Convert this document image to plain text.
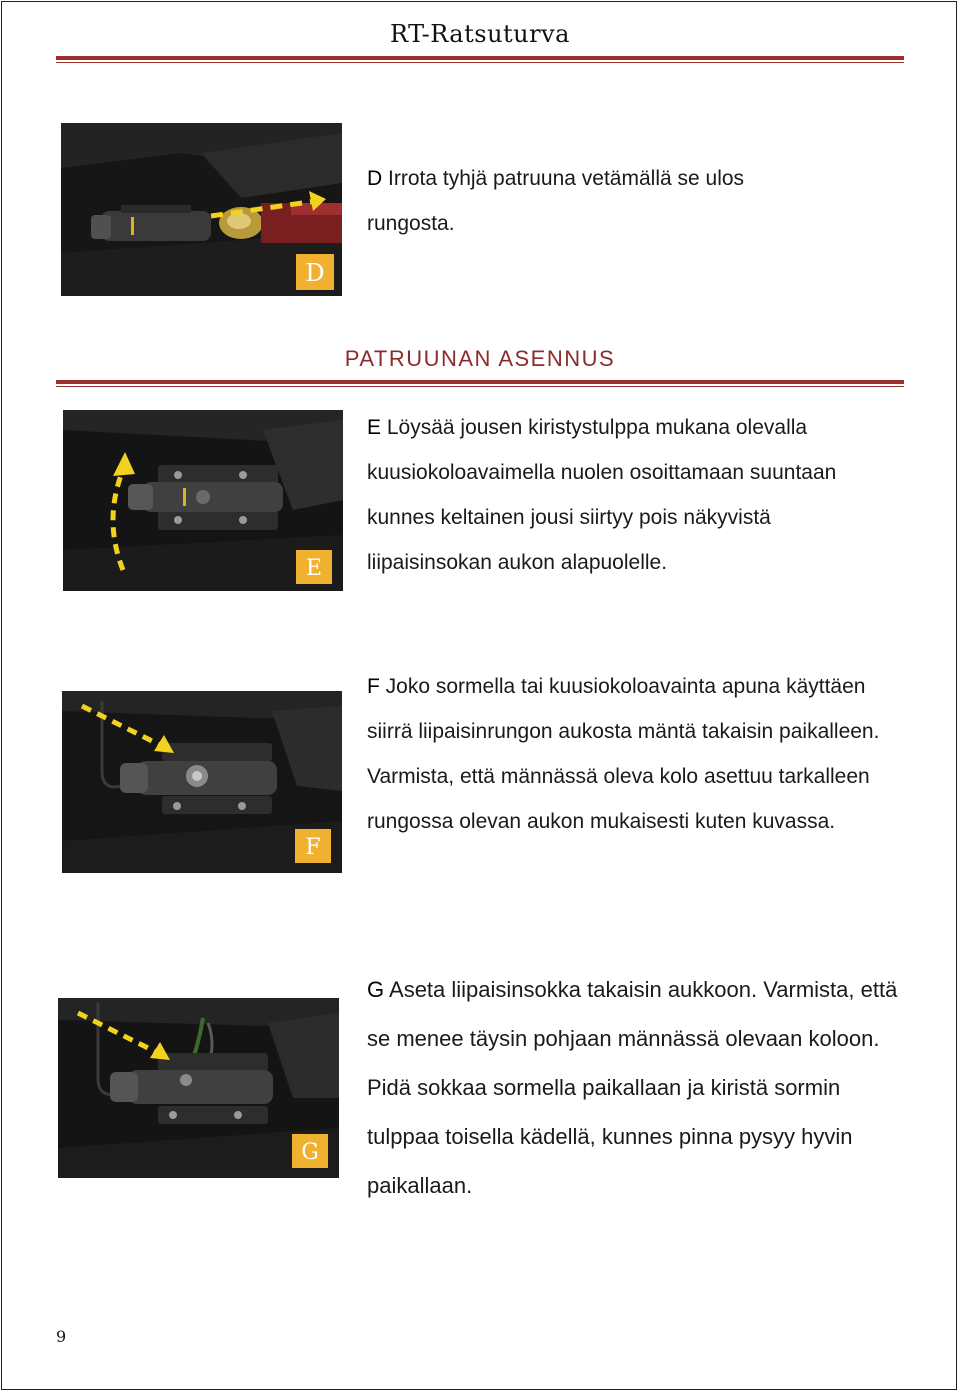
RT-Ratsuturva
D
D Irrota tyhjä patruuna vetämällä se ulos rungosta.
PATRUUNAN ASENNUS
E
E Löysää jousen kiristystulppa mukana olevalla kuusiokoloavaimella nuolen osoittamaan suuntaan kunnes keltainen jousi siirtyy pois näkyvistä liipaisinsokan aukon alapuolelle.
F
F Joko sormella tai kuusiokoloavainta apuna käyttäen siirrä liipaisinrungon aukosta mäntä takaisin paikalleen. Varmista, että männässä oleva kolo asettuu tarkalleen rungossa olevan aukon mukaisesti kuten kuvassa.
G
G Aseta liipaisinsokka takaisin aukkoon. Varmista, että se menee täysin pohjaan männässä olevaan koloon. Pidä sokkaa sormella paikallaan ja kiristä sormin tulppaa toisella kädellä, kunnes pinna pysyy hyvin paikallaan.
9
